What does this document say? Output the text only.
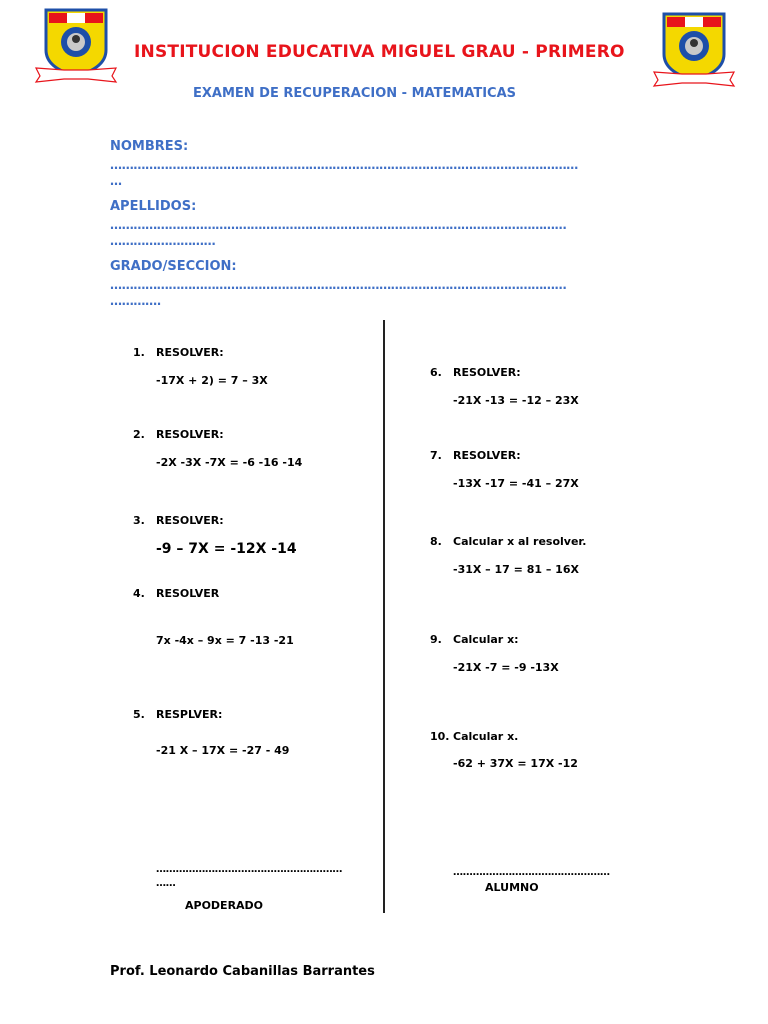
INSTITUCION EDUCATIVA MIGUEL GRAU - PRIMERO
EXAMEN DE RECUPERACION - MATEMATICAS
NOMBRES:
…………………………………………………………………………………………………………
…
APELLIDOS:
………………………………………………………………………………………………………
………………………
GRADO/SECCION:
………………………………………………………………………………………………………
………….
1. RESOLVER:
-17X + 2) = 7 – 3X
2. RESOLVER:
-2X -3X -7X = -6 -16 -14
3. RESOLVER:
-9 – 7X = -12X -14
4. RESOLVER
7x -4x – 9x = 7 -13 -21
5. RESPLVER:
-21 X – 17X = -27 - 49
6. RESOLVER:
-21X -13 = -12 – 23X
7. RESOLVER:
-13X -17 = -41 – 27X
8. Calcular x al resolver.
-31X – 17 = 81 – 16X
9. Calcular x:
-21X -7 = -9 -13X
10. Calcular x.
-62 + 37X = 17X -12
…………………………………………………
……
APODERADO
…………………………………………
ALUMNO
Prof. Leonardo Cabanillas Barrantes
